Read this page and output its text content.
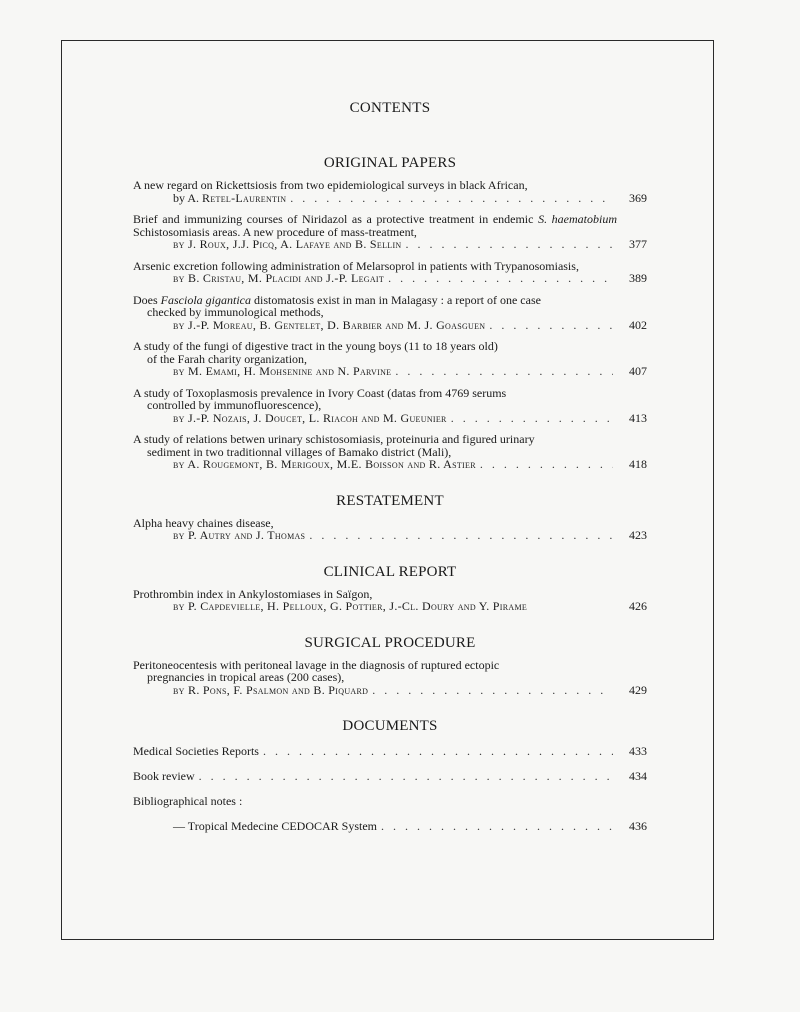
CONTENTS
ORIGINAL PAPERS
A new regard on Rickettsiosis from two epidemiological surveys in black African,
by A. Retel-Laurentin . . .	369
Brief and immunizing courses of Niridazol as a protective treatment in endemic S. haematobium Schistosomiasis areas. A new procedure of mass-treatment,
by J. Roux, J.J. Picq, A. Lafaye and B. Sellin . . .	377
Arsenic excretion following administration of Melarsoprol in patients with Trypanosomiasis,
by B. Cristau, M. Placidi and J.-P. Legait . . .	389
Does Fasciola gigantica distomatosis exist in man in Malagasy : a report of one case
checked by immunological methods,
by J.-P. Moreau, B. Gentelet, D. Barbier and M. J. Goasguen . . .	402
A study of the fungi of digestive tract in the young boys (11 to 18 years old)
of the Farah charity organization,
by M. Emami, H. Mohsenine and N. Parvine . . .	407
A study of Toxoplasmosis prevalence in Ivory Coast (datas from 4769 serums
controlled by immunofluorescence),
by J.-P. Nozais, J. Doucet, L. Riacoh and M. Gueunier . . .	413
A study of relations betwen urinary schistosomiasis, proteinuria and figured urinary
sediment in two traditionnal villages of Bamako district (Mali),
by A. Rougemont, B. Merigoux, M.E. Boisson and R. Astier . . .	418
RESTATEMENT
Alpha heavy chaines disease,
by P. Autry and J. Thomas . . .	423
CLINICAL REPORT
Prothrombin index in Ankylostomiases in Saïgon,
by P. Capdevielle, H. Pelloux, G. Pottier, J.-Cl. Doury and Y. Pirame	426
SURGICAL PROCEDURE
Peritoneocentesis with peritoneal lavage in the diagnosis of ruptured ectopic
pregnancies in tropical areas (200 cases),
by R. Pons, F. Psalmon and B. Piquard . . .	429
DOCUMENTS
Medical Societies Reports . . .	433
Book review . . .	434
Bibliographical notes :
— Tropical Medecine CEDOCAR System . . .	436
